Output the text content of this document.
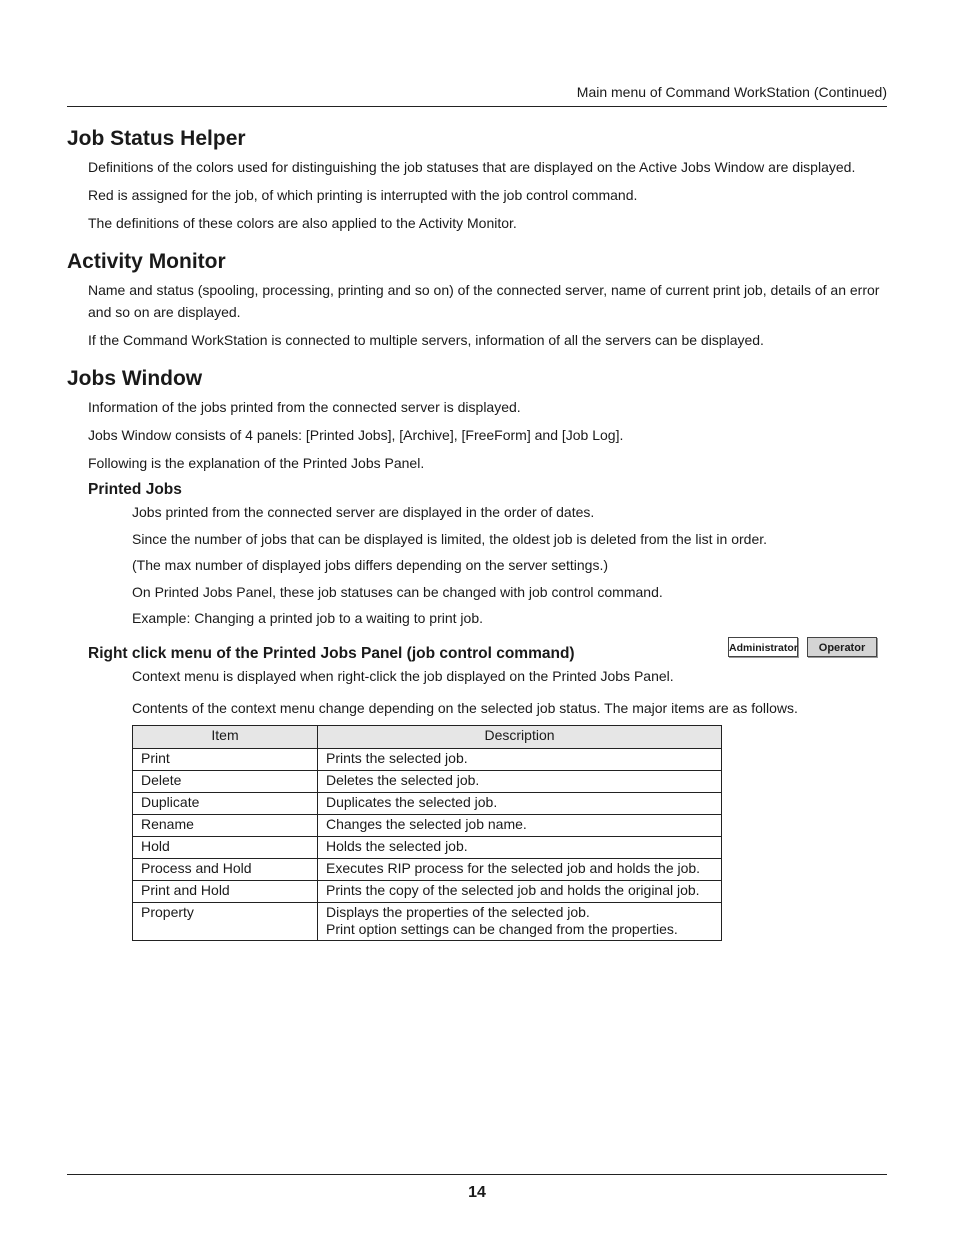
Main menu of Command WorkStation (Continued)
Job Status Helper

Definitions of the colors used for distinguishing the job statuses that are displayed on the Active Jobs Window are displayed.

Red is assigned for the job, of which printing is interrupted with the job control command.

The definitions of these colors are also applied to the Activity Monitor.

Activity Monitor

Name and status (spooling, processing, printing and so on) of the connected server, name of current print job, details of an error and so on are displayed.

If the Command WorkStation is connected to multiple servers, information of all the servers can be displayed.

Jobs Window

Information of the jobs printed from the connected server is displayed.

Jobs Window consists of 4 panels: [Printed Jobs], [Archive], [FreeForm] and [Job Log].

Following is the explanation of the Printed Jobs Panel.

Printed Jobs

Jobs printed from the connected server are displayed in the order of dates.

Since the number of jobs that can be displayed is limited, the oldest job is deleted from the list in order.

(The max number of displayed jobs differs depending on the server settings.)

On Printed Jobs Panel, these job statuses can be changed with job control command.

Example: Changing a printed job to a waiting to print job.

Right click menu of the Printed Jobs Panel (job control command)	Administrator	Operator

Context menu is displayed when right-click the job displayed on the Printed Jobs Panel.

Contents of the context menu change depending on the selected job status. The major items are as follows.

Item	Description
Print	Prints the selected job.
Delete	Deletes the selected job.
Duplicate	Duplicates the selected job.
Rename	Changes the selected job name.
Hold	Holds the selected job.
Process and Hold	Executes RIP process for the selected job and holds the job.
Print and Hold	Prints the copy of the selected job and holds the original job.
Property	Displays the properties of the selected job.
Print option settings can be changed from the properties.
14
